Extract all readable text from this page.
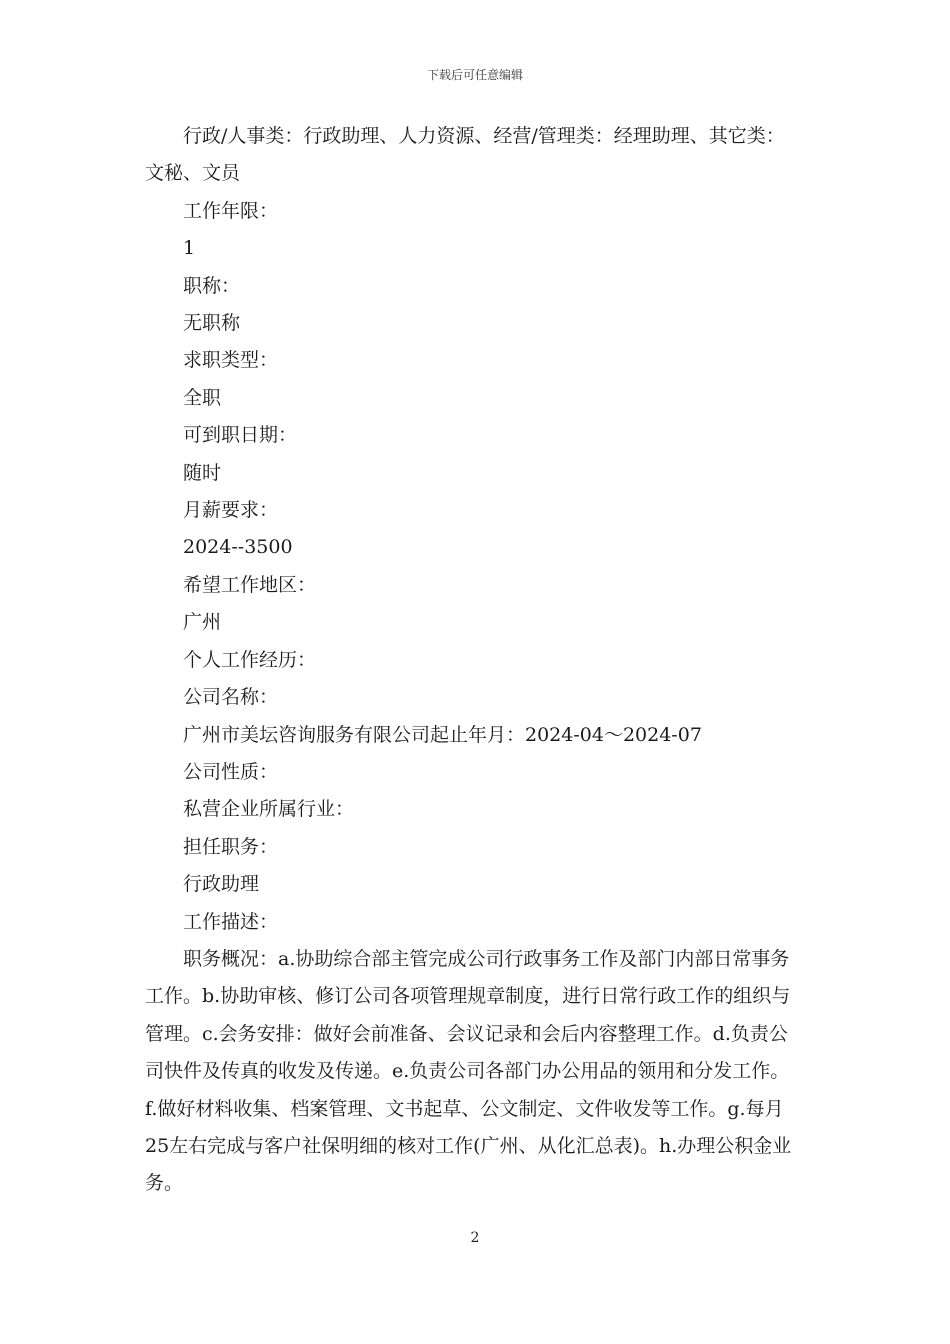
下载后可任意编辑
行政/人事类：行政助理、人力资源、经营/管理类：经理助理、其它类：
文秘、文员
工作年限：
1
职称：
无职称
求职类型：
全职
可到职日期：
随时
月薪要求：
2024--3500
希望工作地区：
广州
个人工作经历：
公司名称：
广州市美坛咨询服务有限公司起止年月：2024-04～2024-07
公司性质：
私营企业所属行业：
担任职务：
行政助理
工作描述：
职务概况：a.协助综合部主管完成公司行政事务工作及部门内部日常事务
工作。b.协助审核、修订公司各项管理规章制度，进行日常行政工作的组织与
管理。c.会务安排：做好会前准备、会议记录和会后内容整理工作。d.负责公
司快件及传真的收发及传递。e.负责公司各部门办公用品的领用和分发工作。
f.做好材料收集、档案管理、文书起草、公文制定、文件收发等工作。g.每月
25左右完成与客户社保明细的核对工作(广州、从化汇总表)。h.办理公积金业
务。
2
